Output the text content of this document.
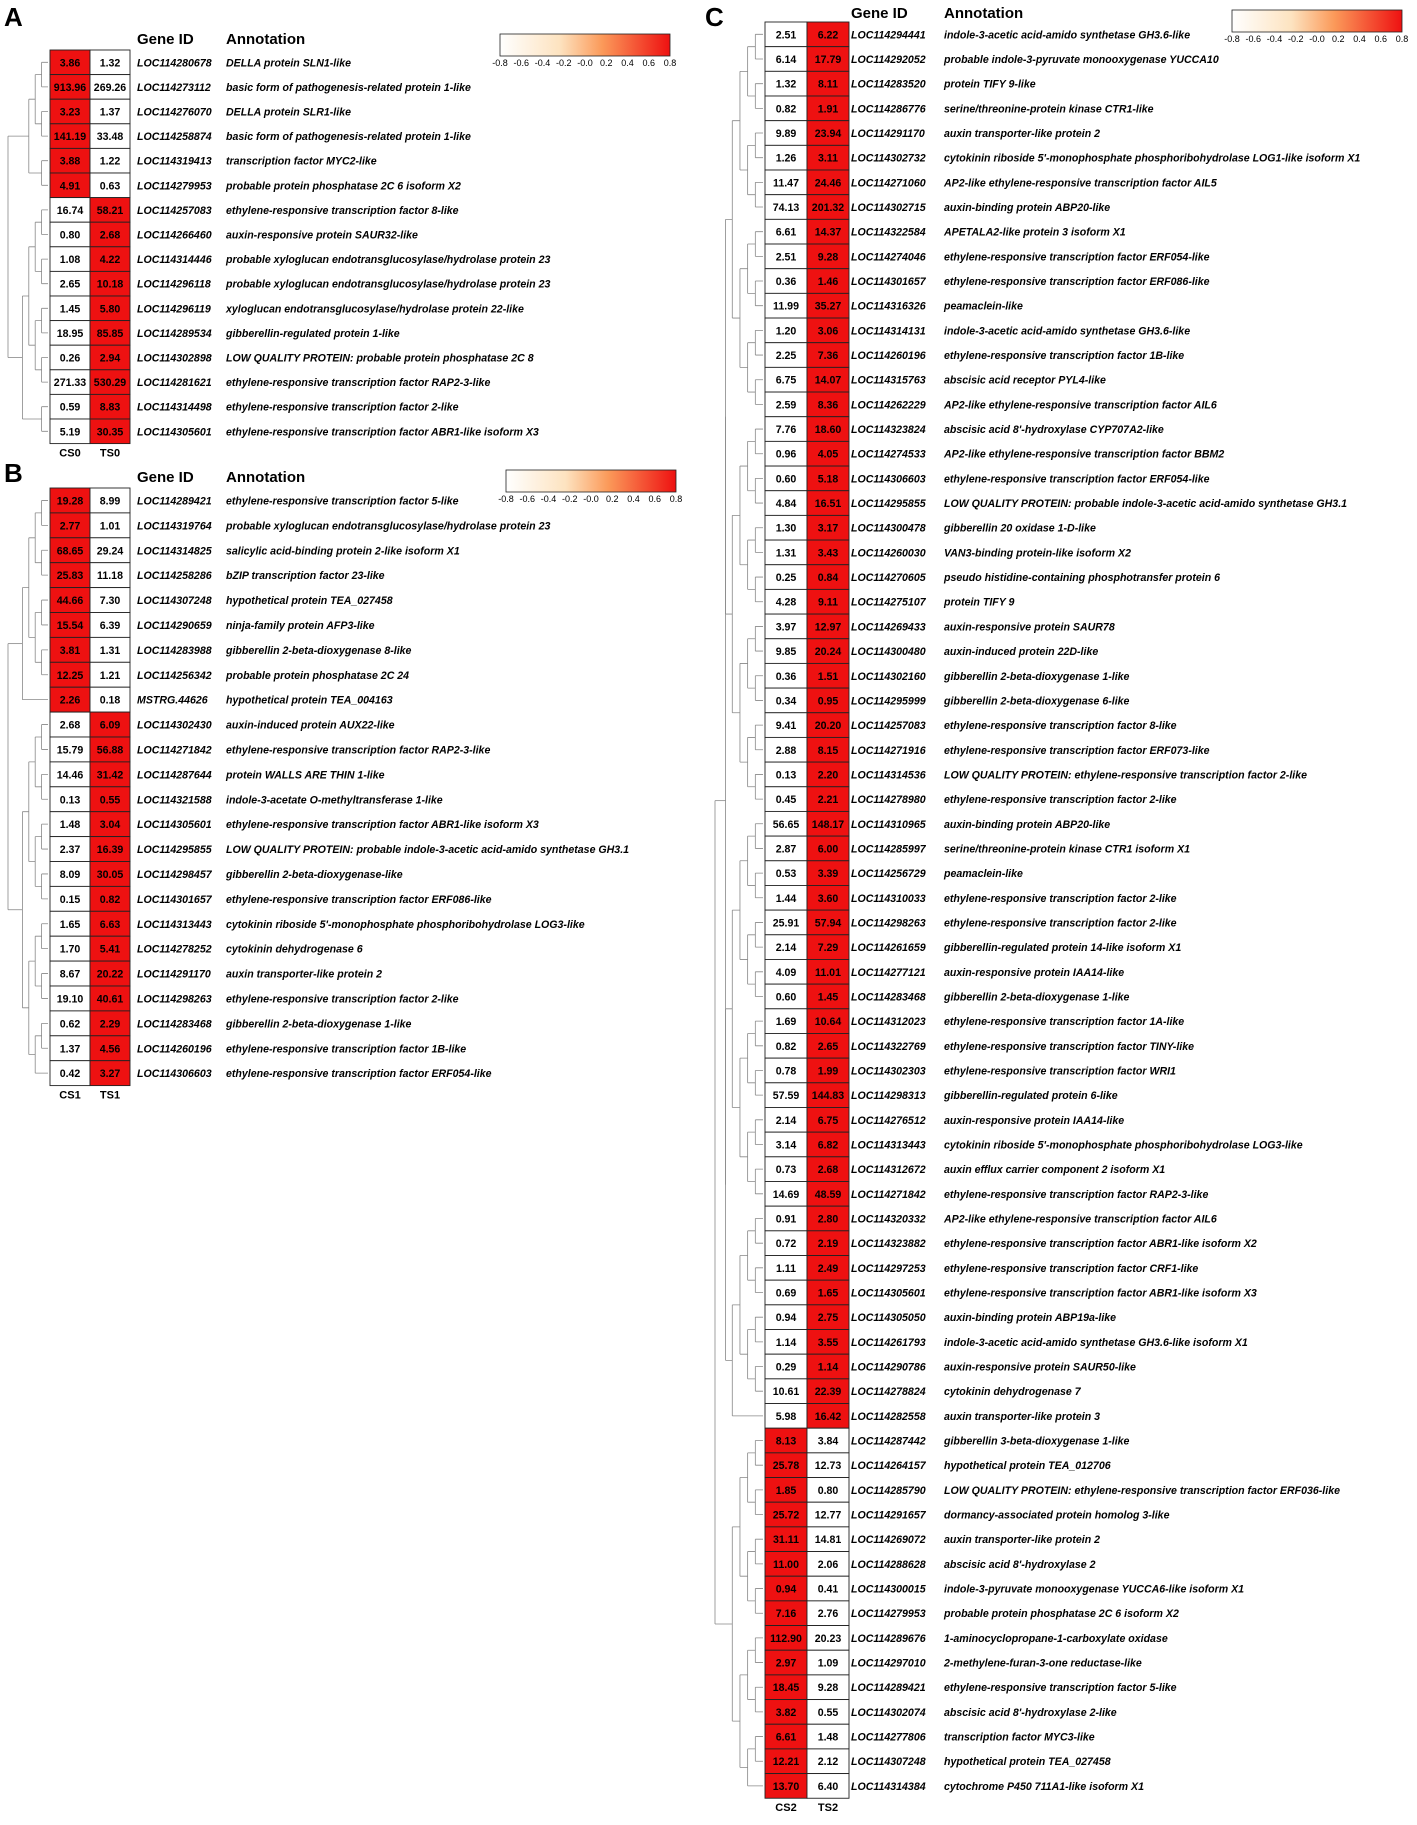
A
Gene ID Annotation
-0.8 -0.6 -0.4 -0.2 -0.0 0.2 0.4 0.6 0.8
3.86 1.32 LOC114280678 DELLA protein SLN1-like
913.96 269.26 LOC114273112 basic form of pathogenesis-related protein 1-like
3.23 1.37 LOC114276070 DELLA protein SLR1-like
141.19 33.48 LOC114258874 basic form of pathogenesis-related protein 1-like
3.88 1.22 LOC114319413 transcription factor MYC2-like
4.91 0.63 LOC114279953 probable protein phosphatase 2C 6 isoform X2
16.74 58.21 LOC114257083 ethylene-responsive transcription factor 8-like
0.80 2.68 LOC114266460 auxin-responsive protein SAUR32-like
1.08 4.22 LOC114314446 probable xyloglucan endotransglucosylase/hydrolase protein 23
2.65 10.18 LOC114296118 probable xyloglucan endotransglucosylase/hydrolase protein 23
1.45 5.80 LOC114296119 xyloglucan endotransglucosylase/hydrolase protein 22-like
18.95 85.85 LOC114289534 gibberellin-regulated protein 1-like
0.26 2.94 LOC114302898 LOW QUALITY PROTEIN: probable protein phosphatase 2C 8
271.33 530.29 LOC114281621 ethylene-responsive transcription factor RAP2-3-like
0.59 8.83 LOC114314498 ethylene-responsive transcription factor 2-like
5.19 30.35 LOC114305601 ethylene-responsive transcription factor ABR1-like isoform X3
CS0 TS0
B	Gene ID Annotation
-0.8 -0.6 -0.4 -0.2 -0.0 0.2 0.4 0.6 0.8
19.28 8.99 LOC114289421 ethylene-responsive transcription factor 5-like
2.77 1.01 LOC114319764 probable xyloglucan endotransglucosylase/hydrolase protein 23
68.65 29.24 LOC114314825 salicylic acid-binding protein 2-like isoform X1
25.83 11.18 LOC114258286 bZIP transcription factor 23-like
44.66 7.30 LOC114307248 hypothetical protein TEA_027458
15.54 6.39 LOC114290659 ninja-family protein AFP3-like
3.81 1.31 LOC114283988 gibberellin 2-beta-dioxygenase 8-like
12.25 1.21 LOC114256342 probable protein phosphatase 2C 24
2.26 0.18 MSTRG.44626 hypothetical protein TEA_004163
2.68 6.09 LOC114302430 auxin-induced protein AUX22-like
15.79 56.88 LOC114271842 ethylene-responsive transcription factor RAP2-3-like
14.46 31.42 LOC114287644 protein WALLS ARE THIN 1-like
0.13 0.55 LOC114321588 indole-3-acetate O-methyltransferase 1-like
1.48 3.04 LOC114305601 ethylene-responsive transcription factor ABR1-like isoform X3
2.37 16.39 LOC114295855 LOW QUALITY PROTEIN: probable indole-3-acetic acid-amido synthetase GH3.1
8.09 30.05 LOC114298457 gibberellin 2-beta-dioxygenase-like
0.15 0.82 LOC114301657 ethylene-responsive transcription factor ERF086-like
1.65 6.63 LOC114313443 cytokinin riboside 5'-monophosphate phosphoribohydrolase LOG3-like
1.70 5.41 LOC114278252 cytokinin dehydrogenase 6
8.67 20.22 LOC114291170 auxin transporter-like protein 2
19.10 40.61 LOC114298263 ethylene-responsive transcription factor 2-like
0.62 2.29 LOC114283468 gibberellin 2-beta-dioxygenase 1-like
1.37 4.56 LOC114260196 ethylene-responsive transcription factor 1B-like
0.42 3.27 LOC114306603 ethylene-responsive transcription factor ERF054-like
CS1 TS1
C	Gene ID Annotation
-0.8 -0.6 -0.4 -0.2 -0.0 0.2 0.4 0.6 0.8
2.51 6.22 LOC114294441 indole-3-acetic acid-amido synthetase GH3.6-like
6.14 17.79 LOC114292052 probable indole-3-pyruvate monooxygenase YUCCA10
1.32 8.11 LOC114283520 protein TIFY 9-like
0.82 1.91 LOC114286776 serine/threonine-protein kinase CTR1-like
9.89 23.94 LOC114291170 auxin transporter-like protein 2
1.26 3.11 LOC114302732 cytokinin riboside 5'-monophosphate phosphoribohydrolase LOG1-like isoform X1
11.47 24.46 LOC114271060 AP2-like ethylene-responsive transcription factor AIL5
74.13 201.32 LOC114302715 auxin-binding protein ABP20-like
6.61 14.37 LOC114322584 APETALA2-like protein 3 isoform X1
2.51 9.28 LOC114274046 ethylene-responsive transcription factor ERF054-like
0.36 1.46 LOC114301657 ethylene-responsive transcription factor ERF086-like
11.99 35.27 LOC114316326 peamaclein-like
1.20 3.06 LOC114314131 indole-3-acetic acid-amido synthetase GH3.6-like
2.25 7.36 LOC114260196 ethylene-responsive transcription factor 1B-like
6.75 14.07 LOC114315763 abscisic acid receptor PYL4-like
2.59 8.36 LOC114262229 AP2-like ethylene-responsive transcription factor AIL6
7.76 18.60 LOC114323824 abscisic acid 8'-hydroxylase CYP707A2-like
0.96 4.05 LOC114274533 AP2-like ethylene-responsive transcription factor BBM2
0.60 5.18 LOC114306603 ethylene-responsive transcription factor ERF054-like
4.84 16.51 LOC114295855 LOW QUALITY PROTEIN: probable indole-3-acetic acid-amido synthetase GH3.1
1.30 3.17 LOC114300478 gibberellin 20 oxidase 1-D-like
1.31 3.43 LOC114260030 VAN3-binding protein-like isoform X2
0.25 0.84 LOC114270605 pseudo histidine-containing phosphotransfer protein 6
4.28 9.11 LOC114275107 protein TIFY 9
3.97 12.97 LOC114269433 auxin-responsive protein SAUR78
9.85 20.24 LOC114300480 auxin-induced protein 22D-like
0.36 1.51 LOC114302160 gibberellin 2-beta-dioxygenase 1-like
0.34 0.95 LOC114295999 gibberellin 2-beta-dioxygenase 6-like
9.41 20.20 LOC114257083 ethylene-responsive transcription factor 8-like
2.88 8.15 LOC114271916 ethylene-responsive transcription factor ERF073-like
0.13 2.20 LOC114314536 LOW QUALITY PROTEIN: ethylene-responsive transcription factor 2-like
0.45 2.21 LOC114278980 ethylene-responsive transcription factor 2-like
56.65 148.17 LOC114310965 auxin-binding protein ABP20-like
2.87 6.00 LOC114285997 serine/threonine-protein kinase CTR1 isoform X1
0.53 3.39 LOC114256729 peamaclein-like
1.44 3.60 LOC114310033 ethylene-responsive transcription factor 2-like
25.91 57.94 LOC114298263 ethylene-responsive transcription factor 2-like
2.14 7.29 LOC114261659 gibberellin-regulated protein 14-like isoform X1
4.09 11.01 LOC114277121 auxin-responsive protein IAA14-like
0.60 1.45 LOC114283468 gibberellin 2-beta-dioxygenase 1-like
1.69 10.64 LOC114312023 ethylene-responsive transcription factor 1A-like
0.82 2.65 LOC114322769 ethylene-responsive transcription factor TINY-like
0.78 1.99 LOC114302303 ethylene-responsive transcription factor WRI1
57.59 144.83 LOC114298313 gibberellin-regulated protein 6-like
2.14 6.75 LOC114276512 auxin-responsive protein IAA14-like
3.14 6.82 LOC114313443 cytokinin riboside 5'-monophosphate phosphoribohydrolase LOG3-like
0.73 2.68 LOC114312672 auxin efflux carrier component 2 isoform X1
14.69 48.59 LOC114271842 ethylene-responsive transcription factor RAP2-3-like
0.91 2.80 LOC114320332 AP2-like ethylene-responsive transcription factor AIL6
0.72 2.19 LOC114323882 ethylene-responsive transcription factor ABR1-like isoform X2
1.11 2.49 LOC114297253 ethylene-responsive transcription factor CRF1-like
0.69 1.65 LOC114305601 ethylene-responsive transcription factor ABR1-like isoform X3
0.94 2.75 LOC114305050 auxin-binding protein ABP19a-like
1.14 3.55 LOC114261793 indole-3-acetic acid-amido synthetase GH3.6-like isoform X1
0.29 1.14 LOC114290786 auxin-responsive protein SAUR50-like
10.61 22.39 LOC114278824 cytokinin dehydrogenase 7
5.98 16.42 LOC114282558 auxin transporter-like protein 3
8.13 3.84 LOC114287442 gibberellin 3-beta-dioxygenase 1-like
25.78 12.73 LOC114264157 hypothetical protein TEA_012706
1.85 0.80 LOC114285790 LOW QUALITY PROTEIN: ethylene-responsive transcription factor ERF036-like
25.72 12.77 LOC114291657 dormancy-associated protein homolog 3-like
31.11 14.81 LOC114269072 auxin transporter-like protein 2
11.00 2.06 LOC114288628 abscisic acid 8'-hydroxylase 2
0.94 0.41 LOC114300015 indole-3-pyruvate monooxygenase YUCCA6-like isoform X1
7.16 2.76 LOC114279953 probable protein phosphatase 2C 6 isoform X2
112.90 20.23 LOC114289676 1-aminocyclopropane-1-carboxylate oxidase
2.97 1.09 LOC114297010 2-methylene-furan-3-one reductase-like
18.45 9.28 LOC114289421 ethylene-responsive transcription factor 5-like
3.82 0.55 LOC114302074 abscisic acid 8'-hydroxylase 2-like
6.61 1.48 LOC114277806 transcription factor MYC3-like
12.21 2.12 LOC114307248 hypothetical protein TEA_027458
13.70 6.40 LOC114314384 cytochrome P450 711A1-like isoform X1
CS2 TS2
